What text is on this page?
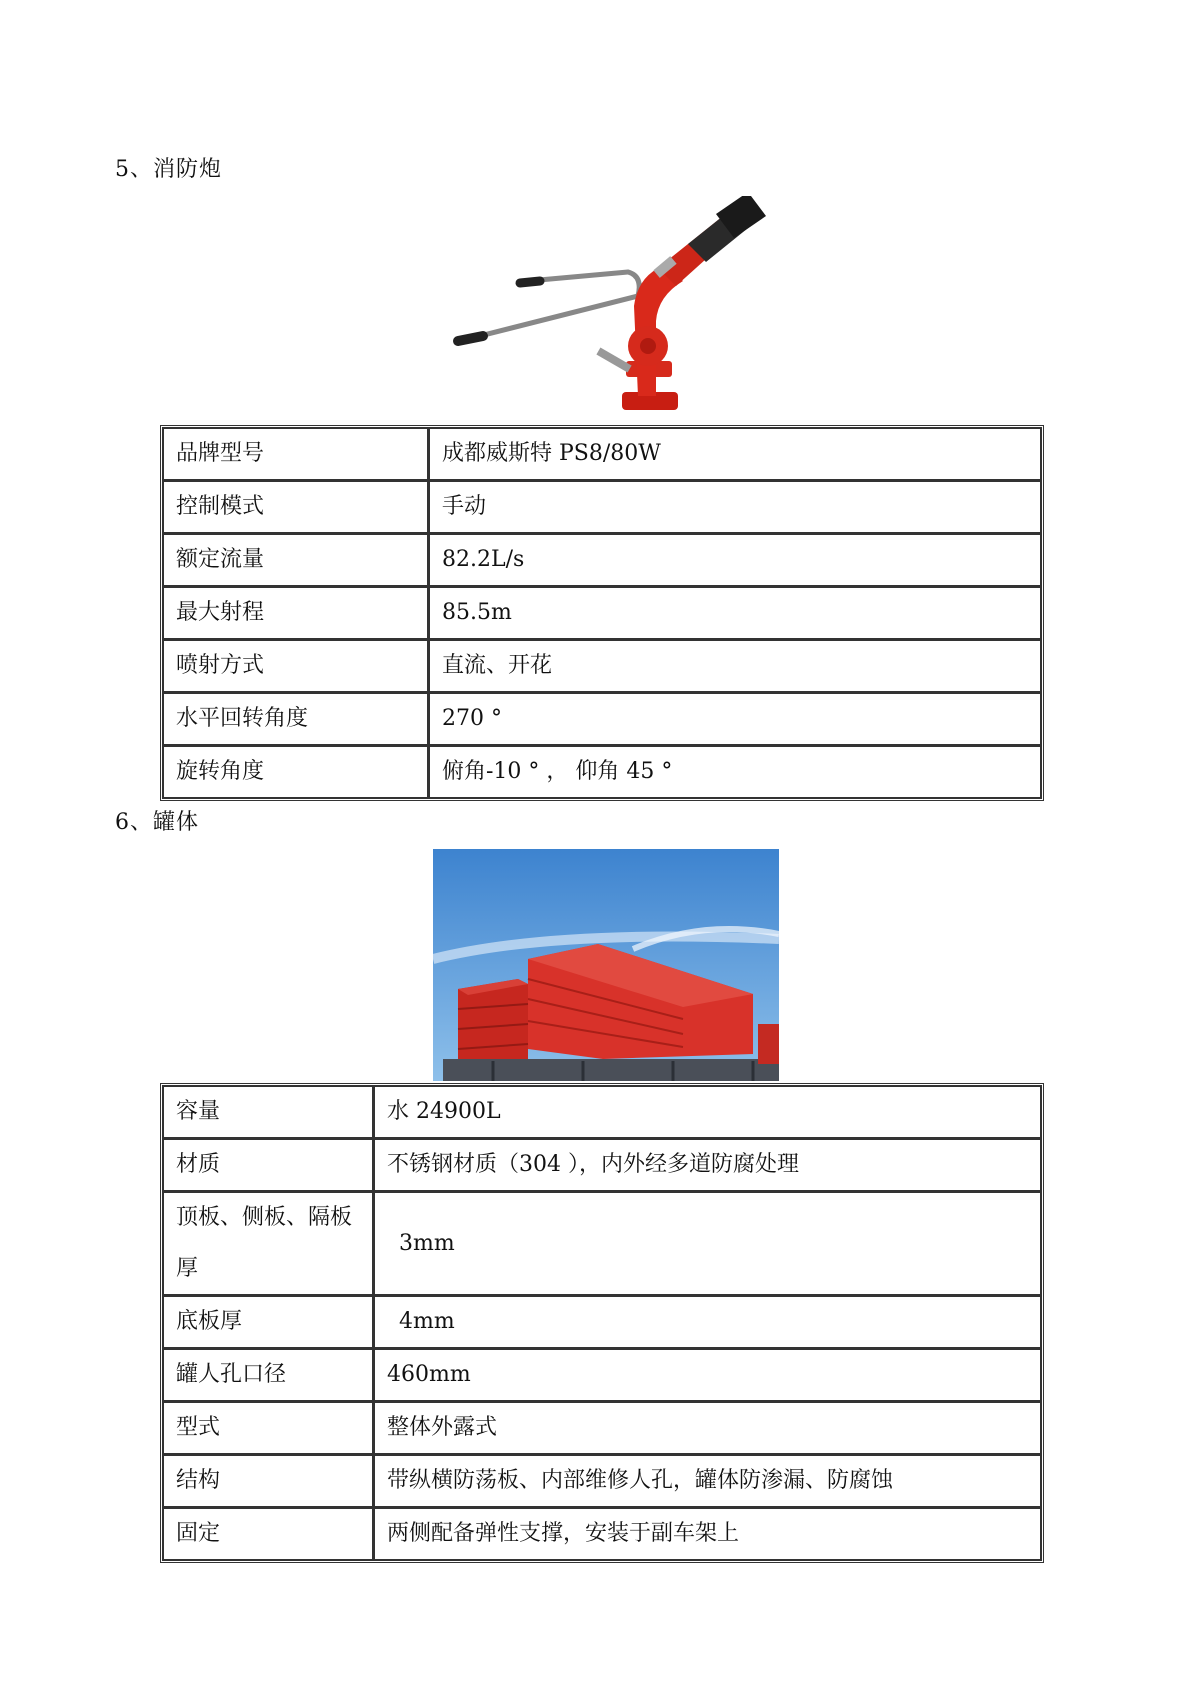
5、消防炮
品牌型号	成都威斯特 PS8/80W
控制模式	手动
额定流量	82.2L/s
最大射程	85.5m
喷射方式	直流、开花
水平回转角度	270 °
旋转角度	俯角-10 ° ， 仰角 45 °
6、罐体
容量	水 24900L
材质	不锈钢材质（304 ），内外经多道防腐处理
顶板、侧板、隔板厚	3mm
底板厚	4mm
罐人孔口径	460mm
型式	整体外露式
结构	带纵横防荡板、内部维修人孔，罐体防渗漏、防腐蚀
固定	两侧配备弹性支撑，安装于副车架上
